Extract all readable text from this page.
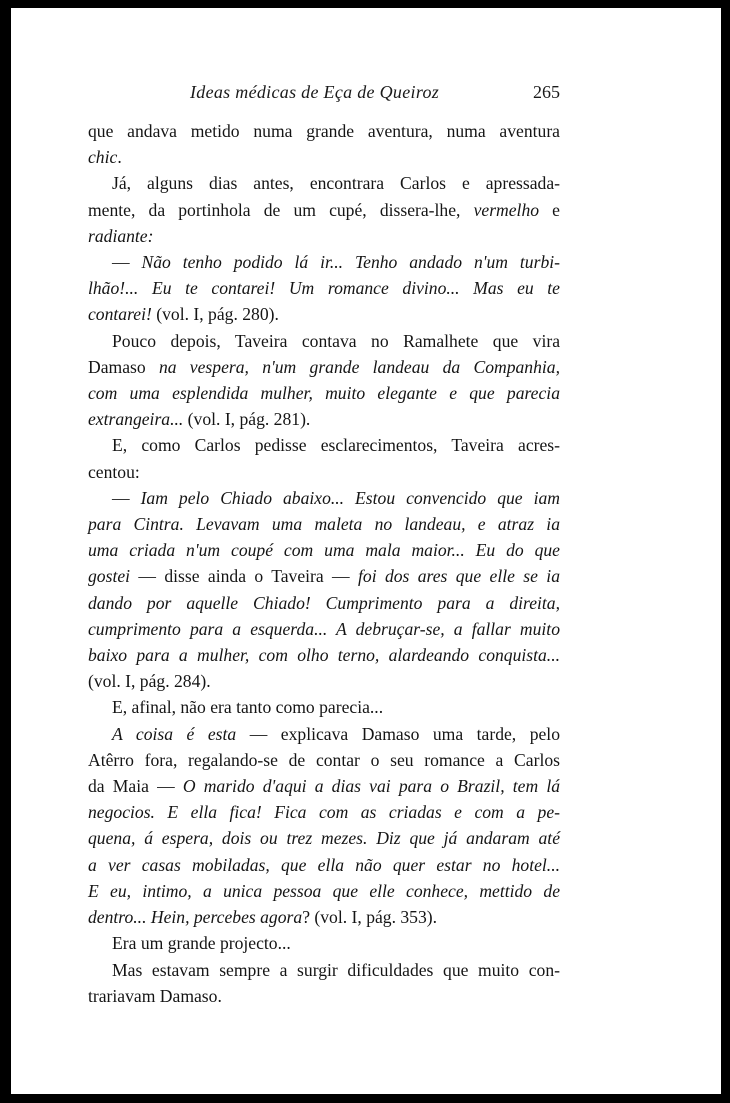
Ideas médicas de Eça de Queiroz	265
que andava metido numa grande aventura, numa aventura
chic.
Já, alguns dias antes, encontrara Carlos e apressada-
mente, da portinhola de um cupé, dissera-lhe, vermelho e
radiante:
— Não tenho podido lá ir... Tenho andado n'um turbi-
lhão!... Eu te contarei! Um romance divino... Mas eu te
contarei! (vol. I, pág. 280).
Pouco depois, Taveira contava no Ramalhete que vira
Damaso na vespera, n'um grande landeau da Companhia,
com uma esplendida mulher, muito elegante e que parecia
extrangeira... (vol. I, pág. 281).
E, como Carlos pedisse esclarecimentos, Taveira acres-
centou:
— Iam pelo Chiado abaixo... Estou convencido que iam
para Cintra. Levavam uma maleta no landeau, e atraz ia
uma criada n'um coupé com uma mala maior... Eu do que
gostei — disse ainda o Taveira — foi dos ares que elle se ia
dando por aquelle Chiado! Cumprimento para a direita,
cumprimento para a esquerda... A debruçar-se, a fallar muito
baixo para a mulher, com olho terno, alardeando conquista...
(vol. I, pág. 284).
E, afinal, não era tanto como parecia...
A coisa é esta — explicava Damaso uma tarde, pelo
Atêrro fora, regalando-se de contar o seu romance a Carlos
da Maia — O marido d'aqui a dias vai para o Brazil, tem lá
negocios. E ella fica! Fica com as criadas e com a pe-
quena, á espera, dois ou trez mezes. Diz que já andaram até
a ver casas mobiladas, que ella não quer estar no hotel...
E eu, intimo, a unica pessoa que elle conhece, mettido de
dentro... Hein, percebes agora? (vol. I, pág. 353).
Era um grande projecto...
Mas estavam sempre a surgir dificuldades que muito con-
trariavam Damaso.
